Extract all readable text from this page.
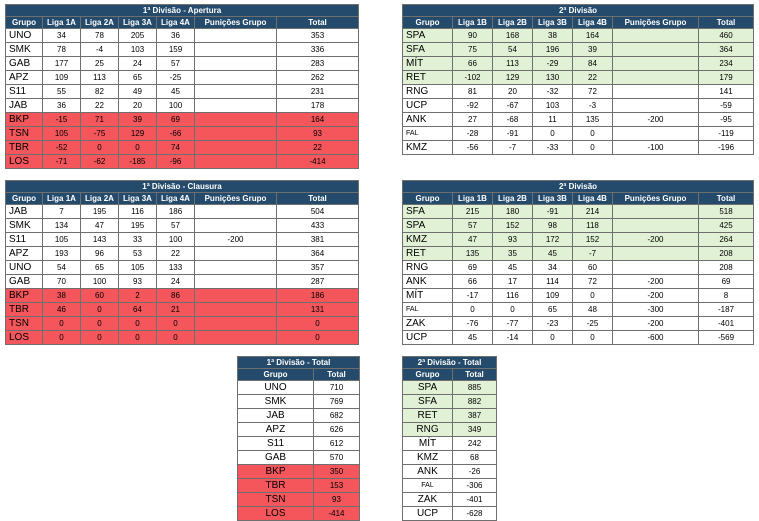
1ª Divisão - Apertura						
Grupo	Liga 1A	Liga 2A	Liga 3A	Liga 4A	Punições Grupo	Total
UNO	34	78	205	36		353
SMK	78	-4	103	159		336
GAB	177	25	24	57		283
APZ	109	113	65	-25		262
S11	55	82	49	45		231
JAB	36	22	20	100		178
BKP	-15	71	39	69		164
TSN	105	-75	129	-66		93
TBR	-52	0	0	74		22
LOS	-71	-62	-185	-96		-414
2ª Divisão						
Grupo	Liga 1B	Liga 2B	Liga 3B	Liga 4B	Punições Grupo	Total
SPA	90	168	38	164		460
SFA	75	54	196	39		364
MÍT	66	113	-29	84		234
RET	-102	129	130	22		179
RNG	81	20	-32	72		141
UCP	-92	-67	103	-3		-59
ANK	27	-68	11	135	-200	-95
FAL	-28	-91	0	0		-119
KMZ	-56	-7	-33	0	-100	-196
1ª Divisão - Clausura						
Grupo	Liga 1A	Liga 2A	Liga 3A	Liga 4A	Punições Grupo	Total
JAB	7	195	116	186		504
SMK	134	47	195	57		433
S11	105	143	33	100	-200	381
APZ	193	96	53	22		364
UNO	54	65	105	133		357
GAB	70	100	93	24		287
BKP	38	60	2	86		186
TBR	46	0	64	21		131
TSN	0	0	0	0		0
LOS	0	0	0	0		0
2ª Divisão						
Grupo	Liga 1B	Liga 2B	Liga 3B	Liga 4B	Punições Grupo	Total
SFA	215	180	-91	214		518
SPA	57	152	98	118		425
KMZ	47	93	172	152	-200	264
RET	135	35	45	-7		208
RNG	69	45	34	60		208
ANK	66	17	114	72	-200	69
MÍT	-17	116	109	0	-200	8
FAL	0	0	65	48	-300	-187
ZAK	-76	-77	-23	-25	-200	-401
UCP	45	-14	0	0	-600	-569
1ª Divisão - Total	
Grupo	Total
UNO	710
SMK	769
JAB	682
APZ	626
S11	612
GAB	570
BKP	350
TBR	153
TSN	93
LOS	-414
2ª Divisão - Total	
Grupo	Total
SPA	885
SFA	882
RET	387
RNG	349
MÍT	242
KMZ	68
ANK	-26
FAL	-306
ZAK	-401
UCP	-628
